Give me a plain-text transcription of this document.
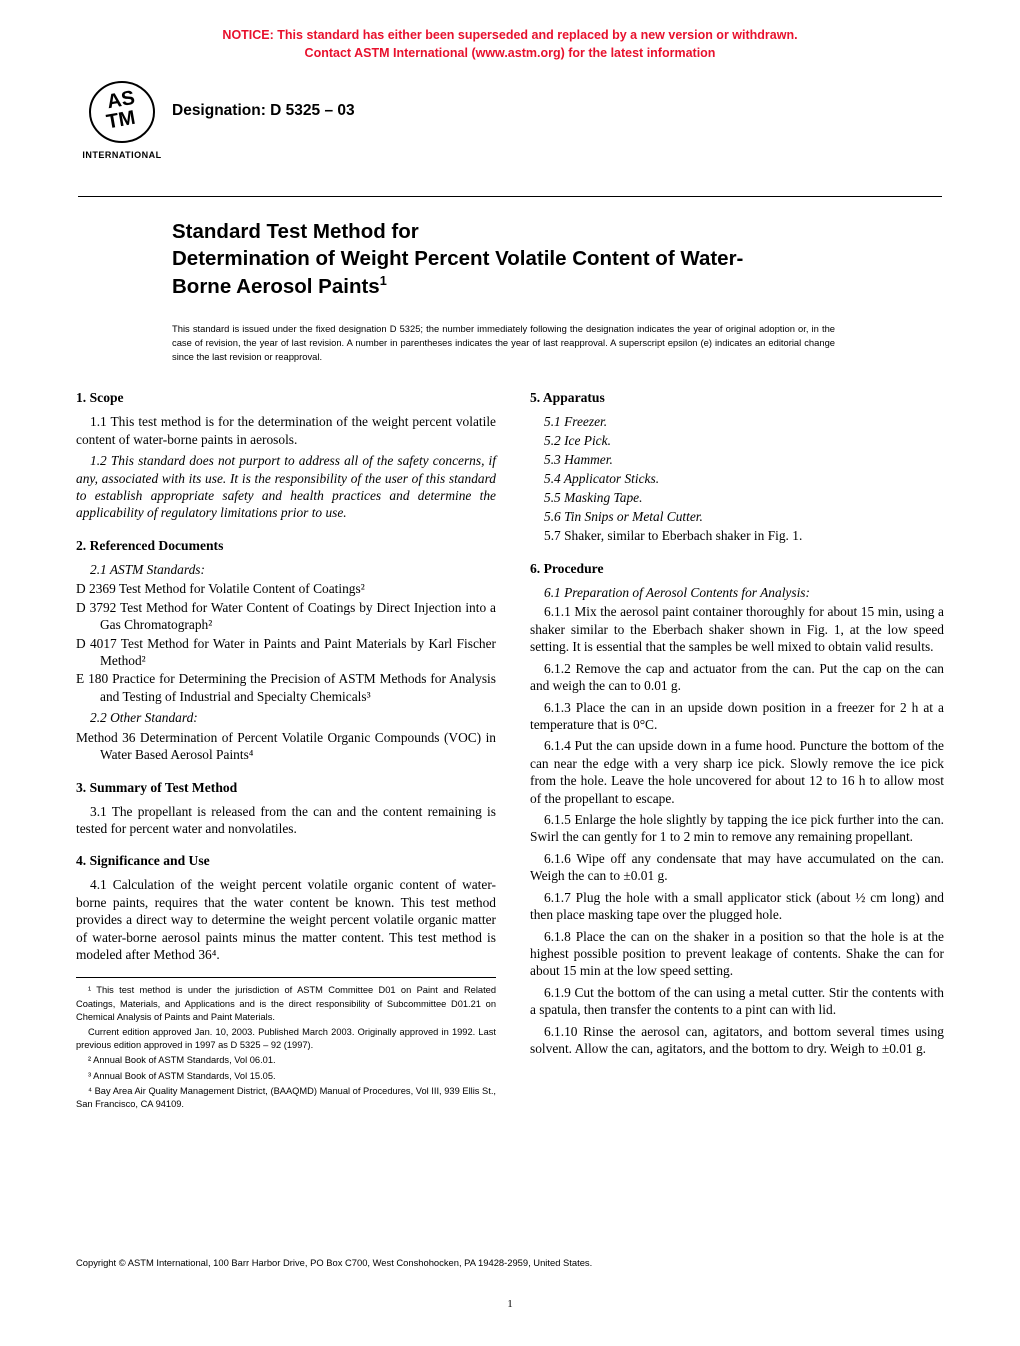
NOTICE: This standard has either been superseded and replaced by a new version or withdrawn.
Contact ASTM International (www.astm.org) for the latest information
AS
TM
INTERNATIONAL
Designation: D 5325 – 03
Standard Test Method for
Determination of Weight Percent Volatile Content of Water-
Borne Aerosol Paints$^1$
This standard is issued under the fixed designation D 5325; the number immediately following the designation indicates the year of original adoption or, in the case of revision, the year of last revision. A number in parentheses indicates the year of last reapproval. A superscript epsilon (e) indicates an editorial change since the last revision or reapproval.
1. Scope

1.1 This test method is for the determination of the weight percent volatile content of water-borne paints in aerosols.

1.2 This standard does not purport to address all of the safety concerns, if any, associated with its use. It is the responsibility of the user of this standard to establish appropriate safety and health practices and determine the applicability of regulatory limitations prior to use.

2. Referenced Documents

2.1 ASTM Standards:

D 2369 Test Method for Volatile Content of Coatings²

D 3792 Test Method for Water Content of Coatings by Direct Injection into a Gas Chromatograph²

D 4017 Test Method for Water in Paints and Paint Materials by Karl Fischer Method²

E 180 Practice for Determining the Precision of ASTM Methods for Analysis and Testing of Industrial and Specialty Chemicals³

2.2 Other Standard:

Method 36 Determination of Percent Volatile Organic Compounds (VOC) in Water Based Aerosol Paints⁴

3. Summary of Test Method

3.1 The propellant is released from the can and the content remaining is tested for percent water and nonvolatiles.

4. Significance and Use

4.1 Calculation of the weight percent volatile organic content of water-borne paints, requires that the water content be known. This test method provides a direct way to determine the weight percent volatile organic matter of water-borne aerosol paints minus the matter content. This test method is modeled after Method 36⁴.

¹ This test method is under the jurisdiction of ASTM Committee D01 on Paint and Related Coatings, Materials, and Applications and is the direct responsibility of Subcommittee D01.21 on Chemical Analysis of Paints and Paint Materials.

Current edition approved Jan. 10, 2003. Published March 2003. Originally approved in 1992. Last previous edition approved in 1997 as D 5325 – 92 (1997).

² Annual Book of ASTM Standards, Vol 06.01.

³ Annual Book of ASTM Standards, Vol 15.05.

⁴ Bay Area Air Quality Management District, (BAAQMD) Manual of Procedures, Vol III, 939 Ellis St., San Francisco, CA 94109.

5. Apparatus

5.1 Freezer.

5.2 Ice Pick.

5.3 Hammer.

5.4 Applicator Sticks.

5.5 Masking Tape.

5.6 Tin Snips or Metal Cutter.

5.7 Shaker, similar to Eberbach shaker in Fig. 1.

6. Procedure

6.1 Preparation of Aerosol Contents for Analysis:

6.1.1 Mix the aerosol paint container thoroughly for about 15 min, using a shaker similar to the Eberbach shaker shown in Fig. 1, at the low speed setting. It is essential that the samples be well mixed to obtain valid results.

6.1.2 Remove the cap and actuator from the can. Put the cap on the can and weigh the can to 0.01 g.

6.1.3 Place the can in an upside down position in a freezer for 2 h at a temperature that is 0°C.

6.1.4 Put the can upside down in a fume hood. Puncture the bottom of the can near the edge with a very sharp ice pick. Slowly remove the ice pick from the hole. Leave the hole uncovered for about 12 to 16 h to allow most of the propellant to escape.

6.1.5 Enlarge the hole slightly by tapping the ice pick further into the can. Swirl the can gently for 1 to 2 min to remove any remaining propellant.

6.1.6 Wipe off any condensate that may have accumulated on the can. Weigh the can to ±0.01 g.

6.1.7 Plug the hole with a small applicator stick (about ½ cm long) and then place masking tape over the plugged hole.

6.1.8 Place the can on the shaker in a position so that the hole is at the highest possible position to prevent leakage of contents. Shake the can for about 15 min at the low speed setting.

6.1.9 Cut the bottom of the can using a metal cutter. Stir the contents with a spatula, then transfer the contents to a pint can with lid.

6.1.10 Rinse the aerosol can, agitators, and bottom several times using solvent. Allow the can, agitators, and the bottom to dry. Weigh to ±0.01 g.

Copyright © ASTM International, 100 Barr Harbor Drive, PO Box C700, West Conshohocken, PA 19428-2959, United States.
1
